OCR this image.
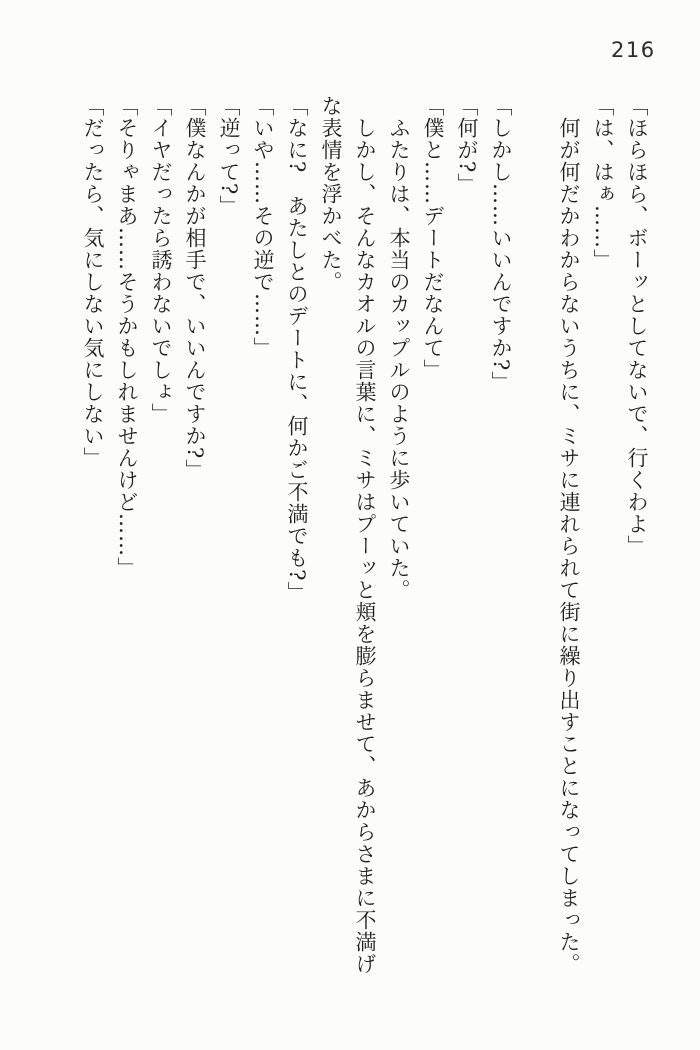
216

「ほらほら、ボーッとしてないで、行くわよ」

「は、はぁ……」

何が何だかわからないうちに、ミサに連れられて街に繰り出すことになってしまった。

「しかし……いいんですか?」

「何が?」

「僕と……デートだなんて」

ふたりは、本当のカップルのように歩いていた。

しかし、そんなカオルの言葉に、ミサはプーッと頬を膨らませて、あからさまに不満げな表情を浮かべた。

「なに?　あたしとのデートに、何かご不満でも?」

「いや……その逆で……」

「逆って?」

「僕なんかが相手で、いいんですか?」

「イヤだったら誘わないでしょ」

「そりゃまあ……そうかもしれませんけど……」

「だったら、気にしない気にしない」
